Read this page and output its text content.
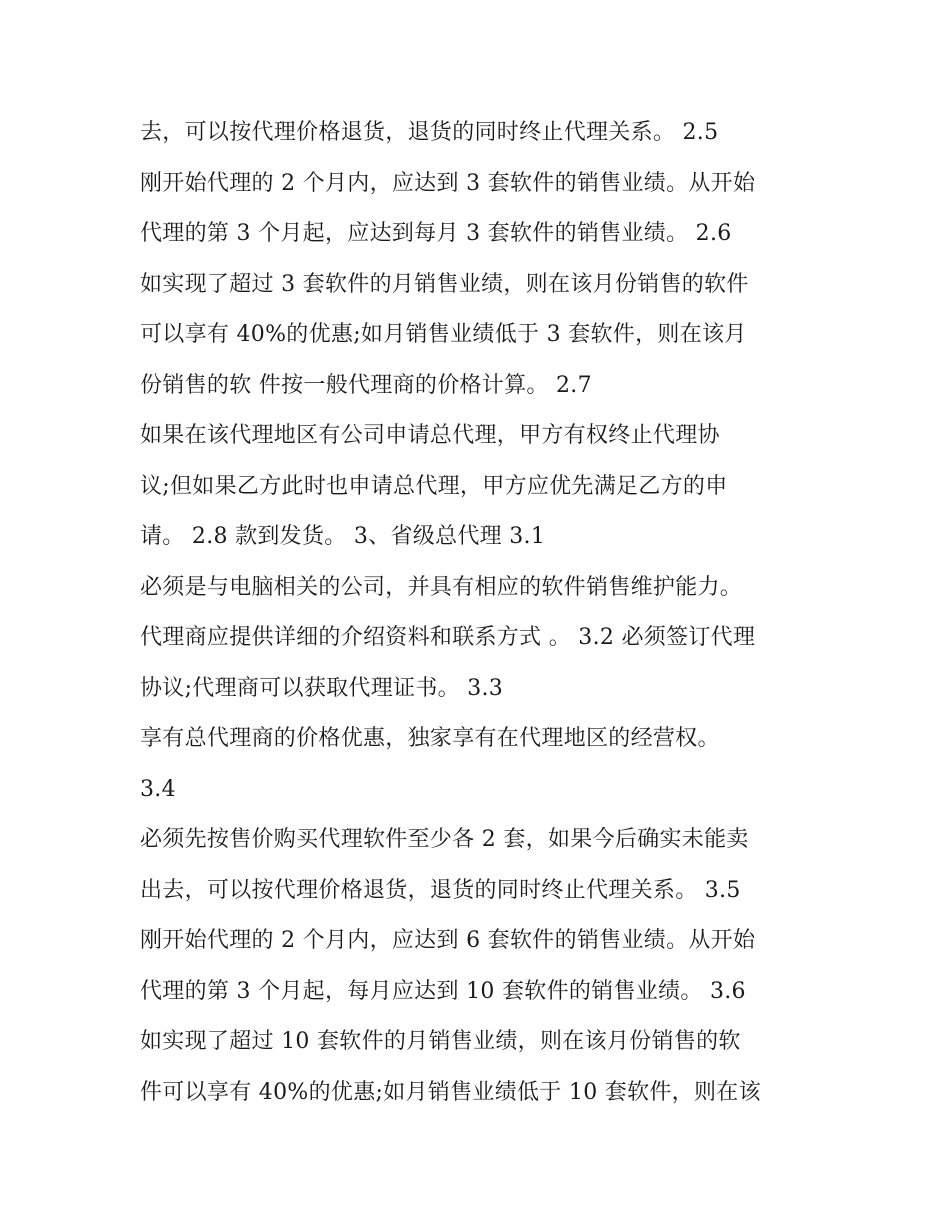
去，可以按代理价格退货，退货的同时终止代理关系。 2.5
刚开始代理的 2 个月内，应达到 3 套软件的销售业绩。从开始
代理的第 3 个月起，应达到每月 3 套软件的销售业绩。 2.6
如实现了超过 3 套软件的月销售业绩，则在该月份销售的软件
可以享有 40%的优惠;如月销售业绩低于 3 套软件，则在该月
份销售的软 件按一般代理商的价格计算。 2.7
如果在该代理地区有公司申请总代理，甲方有权终止代理协
议;但如果乙方此时也申请总代理，甲方应优先满足乙方的申
请。 2.8 款到发货。 3、省级总代理 3.1
必须是与电脑相关的公司，并具有相应的软件销售维护能力。
代理商应提供详细的介绍资料和联系方式 。 3.2 必须签订代理
协议;代理商可以获取代理证书。 3.3
享有总代理商的价格优惠，独家享有在代理地区的经营权。
3.4
必须先按售价购买代理软件至少各 2 套，如果今后确实未能卖
出去，可以按代理价格退货，退货的同时终止代理关系。 3.5
刚开始代理的 2 个月内，应达到 6 套软件的销售业绩。从开始
代理的第 3 个月起，每月应达到 10 套软件的销售业绩。 3.6
如实现了超过 10 套软件的月销售业绩，则在该月份销售的软
件可以享有 40%的优惠;如月销售业绩低于 10 套软件，则在该
